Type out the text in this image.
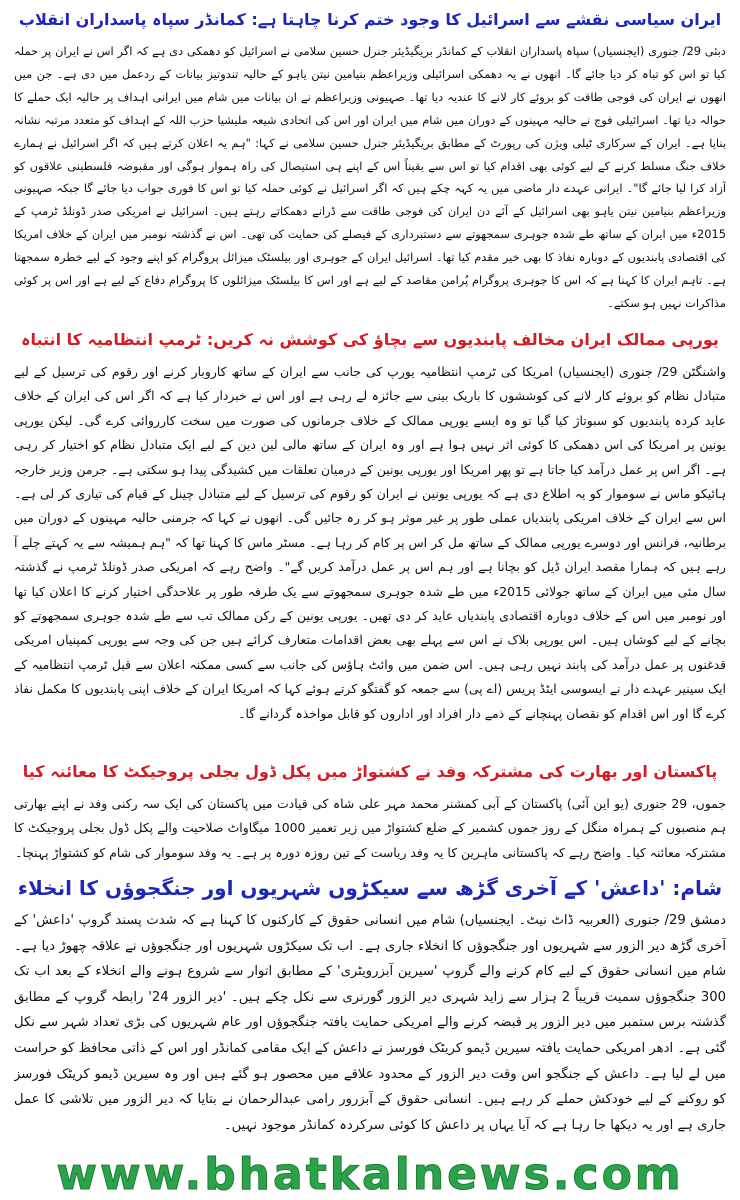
ایران سیاسی نقشے سے اسرائیل کا وجود ختم کرنا چاہتا ہے: کمانڈر سپاہ پاسداران انقلاب

دبئی 29/ جنوری (ایجنسیاں) سپاہ پاسداران انقلاب کے کمانڈر بریگیڈیئر جنرل حسین سلامی نے اسرائیل کو دھمکی دی ہے کہ اگر اس نے ایران پر حملہ کیا تو اس کو تباہ کر دیا جائے گا۔ انھوں نے یہ دھمکی اسرائیلی وزیراعظم بنیامین نیتن یاہو کے حالیہ تندوتیز بیانات کے ردعمل میں دی ہے۔ جن میں انھوں نے ایران کی فوجی طاقت کو بروئے کار لانے کا عندیہ دیا تھا۔ صہیونی وزیراعظم نے ان بیانات میں شام میں ایرانی اہداف پر حالیہ ایک حملے کا حوالہ دیا تھا۔ اسرائیلی فوج نے حالیہ مہینوں کے دوران میں شام میں ایران اور اس کی اتحادی شیعہ ملیشیا حزب اللہ کے اہداف کو متعدد مرتبہ نشانہ بنایا ہے۔ ایران کے سرکاری ٹیلی ویژن کی رپورٹ کے مطابق بریگیڈیئر جنرل حسین سلامی نے کہا: "ہم یہ اعلان کرتے ہیں کہ اگر اسرائیل نے ہمارے خلاف جنگ مسلط کرنے کے لیے کوئی بھی اقدام کیا تو اس سے یقیناً اس کے اپنے ہی استیصال کی راہ ہموار ہوگی اور مقبوضہ فلسطینی علاقوں کو آزاد کرا لیا جائے گا"۔ ایرانی عہدے دار ماضی میں یہ کہہ چکے ہیں کہ اگر اسرائیل نے کوئی حملہ کیا تو اس کا فوری جواب دیا جائے گا جبکہ صہیونی وزیراعظم بنیامین نیتن یاہو بھی اسرائیل کے آئے دن ایران کی فوجی طاقت سے ڈرانے دھمکاتے رہتے ہیں۔ اسرائیل نے امریکی صدر ڈونلڈ ٹرمپ کے 2015ء میں ایران کے ساتھ طے شدہ جوہری سمجھوتے سے دستبرداری کے فیصلے کی حمایت کی تھی۔ اس نے گذشتہ نومبر میں ایران کے خلاف امریکا کی اقتصادی پابندیوں کے دوبارہ نفاذ کا بھی خیر مقدم کیا تھا۔ اسرائیل ایران کے جوہری اور بیلسٹک میزائل پروگرام کو اپنے وجود کے لیے خطرہ سمجھتا ہے۔ تاہم ایران کا کہنا ہے کہ اس کا جوہری پروگرام پُرامن مقاصد کے لیے ہے اور اس کا بیلسٹک میزائلوں کا پروگرام دفاع کے لیے ہے اور اس پر کوئی مذاکرات نہیں ہو سکتے۔

یورپی ممالک ایران مخالف پابندیوں سے بچاؤ کی کوشش نہ کریں: ٹرمپ انتظامیہ کا انتباہ

واشنگٹن 29/ جنوری (ایجنسیاں) امریکا کی ٹرمپ انتظامیہ یورپ کی جانب سے ایران کے ساتھ کاروبار کرنے اور رقوم کی ترسیل کے لیے متبادل نظام کو بروئے کار لانے کی کوششوں کا باریک بینی سے جائزہ لے رہی ہے اور اس نے خبردار کیا ہے کہ اگر اس کی ایران کے خلاف عاید کردہ پابندیوں کو سبوتاژ کیا گیا تو وہ ایسے یورپی ممالک کے خلاف جرمانوں کی صورت میں سخت کارروائی کرے گی۔ لیکن یورپی یونین پر امریکا کی اس دھمکی کا کوئی اثر نہیں ہوا ہے اور وہ ایران کے ساتھ مالی لین دین کے لیے ایک متبادل نظام کو اختیار کر رہی ہے۔ اگر اس پر عمل درآمد کیا جاتا ہے تو پھر امریکا اور یورپی یونین کے درمیان تعلقات میں کشیدگی پیدا ہو سکتی ہے۔ جرمن وزیر خارجہ ہائیکو ماس نے سوموار کو یہ اطلاع دی ہے کہ یورپی یونین نے ایران کو رقوم کی ترسیل کے لیے متبادل چینل کے قیام کی تیاری کر لی ہے۔ اس سے ایران کے خلاف امریکی پابندیاں عملی طور پر غیر موثر ہو کر رہ جائیں گی۔ انھوں نے کہا کہ جرمنی حالیہ مہینوں کے دوران میں برطانیہ، فرانس اور دوسرے یورپی ممالک کے ساتھ مل کر اس پر کام کر رہا ہے۔ مسٹر ماس کا کہنا تھا کہ "ہم ہمیشہ سے یہ کہتے چلے آ رہے ہیں کہ ہمارا مقصد ایران ڈیل کو بچانا ہے اور ہم اس پر عمل درآمد کریں گے"۔ واضح رہے کہ امریکی صدر ڈونلڈ ٹرمپ نے گذشتہ سال مئی میں ایران کے ساتھ جولائی 2015ء میں طے شدہ جوہری سمجھوتے سے یک طرفہ طور پر علاحدگی اختیار کرنے کا اعلان کیا تھا اور نومبر میں اس کے خلاف دوبارہ اقتصادی پابندیاں عاید کر دی تھیں۔ یورپی یونین کے رکن ممالک تب سے طے شدہ جوہری سمجھوتے کو بچانے کے لیے کوشاں ہیں۔ اس یورپی بلاک نے اس سے پہلے بھی بعض اقدامات متعارف کرائے ہیں جن کی وجہ سے یورپی کمپنیاں امریکی قدغنوں پر عمل درآمد کی پابند نہیں رہی ہیں۔ اس ضمن میں وائٹ ہاؤس کی جانب سے کسی ممکنہ اعلان سے قبل ٹرمپ انتظامیہ کے ایک سینیر عہدے دار نے ایسوسی ایٹڈ پریس (اے پی) سے جمعہ کو گفتگو کرتے ہوئے کہا کہ امریکا ایران کے خلاف اپنی پابندیوں کا مکمل نفاذ کرے گا اور اس اقدام کو نقصان پہنچانے کے ذمے دار افراد اور اداروں کو قابل مواخذہ گردانے گا۔

پاکستان اور بھارت کی مشترکہ وفد نے کشتواڑ میں پکل ڈول بجلی پروجیکٹ کا معائنہ کیا

جموں، 29 جنوری (یو این آئی) پاکستان کے آبی کمشنر محمد مہر علی شاہ کی قیادت میں پاکستان کی ایک سہ رکنی وفد نے اپنے بھارتی ہم منصبوں کے ہمراہ منگل کے روز جموں کشمیر کے ضلع کشتواڑ میں زیر تعمیر 1000 میگاواٹ صلاحیت والے پکل ڈول بجلی پروجیکٹ کا مشترکہ معائنہ کیا۔ واضح رہے کہ پاکستانی ماہرین کا یہ وفد ریاست کے تین روزہ دورہ پر ہے۔ یہ وفد سوموار کی شام کو کشتواڑ پہنچا۔

شام: 'داعش' کے آخری گڑھ سے سیکڑوں شہریوں اور جنگجوؤں کا انخلاء

دمشق 29/ جنوری (العربیہ ڈاٹ نیٹ۔ ایجنسیاں) شام میں انسانی حقوق کے کارکنوں کا کہنا ہے کہ شدت پسند گروپ 'داعش' کے آخری گڑھ دیر الزور سے شہریوں اور جنگجوؤں کا انخلاء جاری ہے۔ اب تک سیکڑوں شہریوں اور جنگجوؤں نے علاقہ چھوڑ دیا ہے۔ شام میں انسانی حقوق کے لیے کام کرنے والے گروپ 'سیرین آبزرویٹری' کے مطابق اتوار سے شروع ہونے والے انخلاء کے بعد اب تک 300 جنگجوؤں سمیت قریباً 2 ہزار سے زاید شہری دیر الزور گورنری سے نکل چکے ہیں۔ 'دیر الزور 24' رابطہ گروپ کے مطابق گذشتہ برس ستمبر میں دیر الزور پر قبضہ کرنے والے امریکی حمایت یافتہ جنگجوؤں اور عام شہریوں کی بڑی تعداد شہر سے نکل گئی ہے۔ ادھر امریکی حمایت یافتہ سیرین ڈیمو کریٹک فورسز نے داعش کے ایک مقامی کمانڈر اور اس کے ذاتی محافظ کو حراست میں لے لیا ہے۔ داعش کے جنگجو اس وقت دیر الزور کے محدود علاقے میں محصور ہو گئے ہیں اور وہ سیرین ڈیمو کریٹک فورسز کو روکنے کے لیے خودکش حملے کر رہے ہیں۔ انسانی حقوق کے آبزرور رامی عبدالرحمان نے بتایا کہ دیر الزور میں تلاشی کا عمل جاری ہے اور یہ دیکھا جا رہا ہے کہ آیا یہاں پر داعش کا کوئی سرکردہ کمانڈر موجود نہیں۔

www.bhatkalnews.com
